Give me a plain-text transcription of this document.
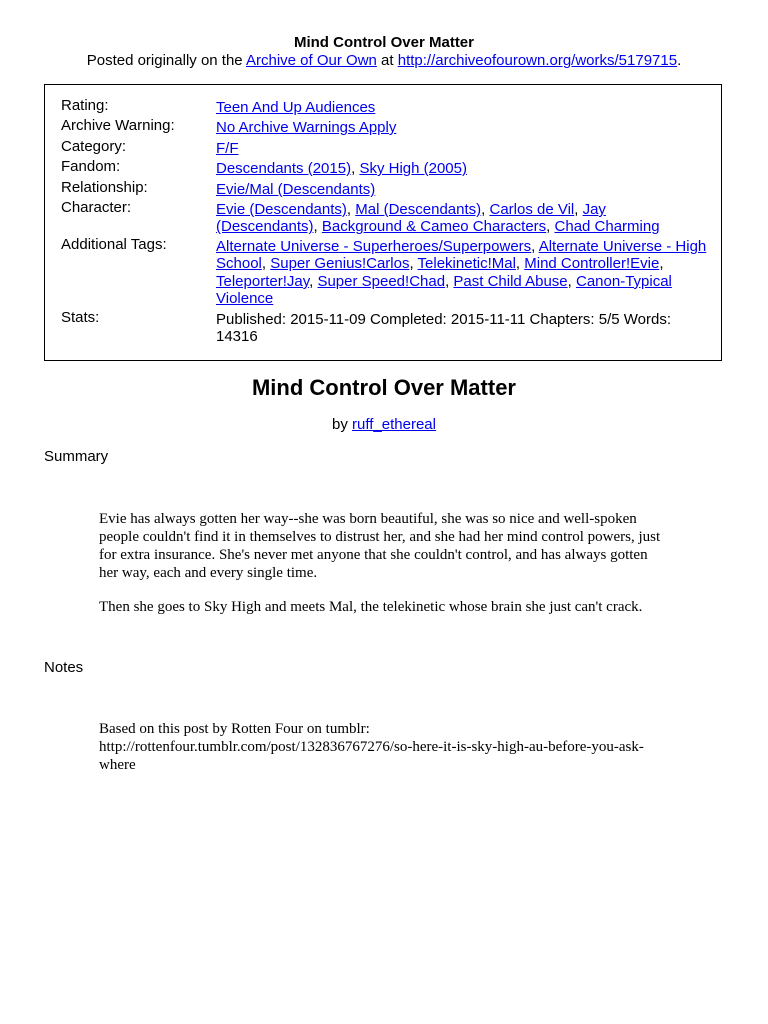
Mind Control Over Matter
Posted originally on the Archive of Our Own at http://archiveofourown.org/works/5179715.
Rating:	Teen And Up Audiences
Archive Warning:	No Archive Warnings Apply
Category:	F/F
Fandom:	Descendants (2015), Sky High (2005)
Relationship:	Evie/Mal (Descendants)
Character:	Evie (Descendants), Mal (Descendants), Carlos de Vil, Jay (Descendants), Background & Cameo Characters, Chad Charming
Additional Tags:	Alternate Universe - Superheroes/Superpowers, Alternate Universe - High School, Super Genius!Carlos, Telekinetic!Mal, Mind Controller!Evie, Teleporter!Jay, Super Speed!Chad, Past Child Abuse, Canon-Typical Violence
Stats:	Published: 2015-11-09 Completed: 2015-11-11 Chapters: 5/5 Words: 14316
Mind Control Over Matter
by ruff_ethereal
Summary

Evie has always gotten her way--she was born beautiful, she was so nice and well-spoken people couldn't find it in themselves to distrust her, and she had her mind control powers, just for extra insurance. She's never met anyone that she couldn't control, and has always gotten her way, each and every single time.

Then she goes to Sky High and meets Mal, the telekinetic whose brain she just can't crack.

Notes
Based on this post by Rotten Four on tumblr: http://rottenfour.tumblr.com/post/132836767276/so-here-it-is-sky-high-au-before-you-ask-where
